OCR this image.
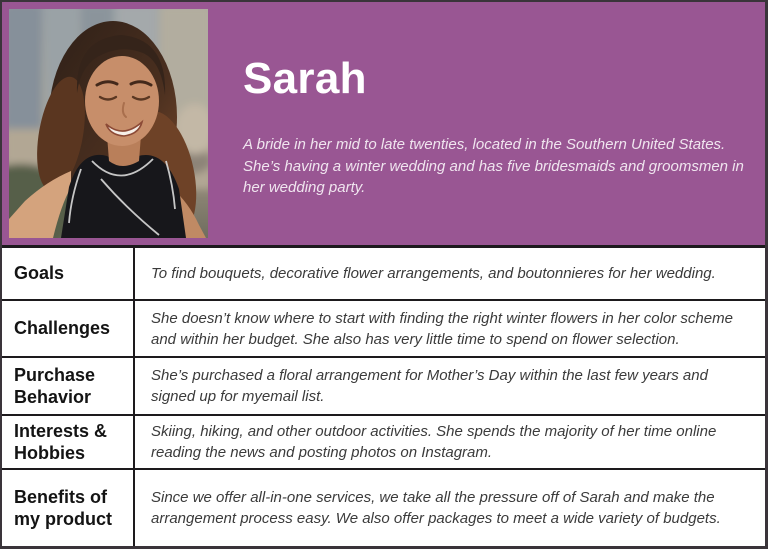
Sarah

A bride in her mid to late twenties, located in the Southern United States. She’s having a winter wedding and has five bridesmaids and groomsmen in her wedding party.

Goals	To find bouquets, decorative flower arrangements, and boutonnieres for her wedding.
Challenges
She doesn’t know where to start with finding the right winter flowers in her color scheme and within her budget. She also has very little time to spend on flower selection.
Purchase Behavior
She’s purchased a floral arrangement for Mother’s Day within the last few years and signed up for myemail list.
Interests & Hobbies
Skiing, hiking, and other outdoor activities. She spends the majority of her time online reading the news and posting photos on Instagram.
Benefits of my product
Since we offer all-in-one services, we take all the pressure off of Sarah and make the arrangement process easy. We also offer packages to meet a wide variety of budgets.
